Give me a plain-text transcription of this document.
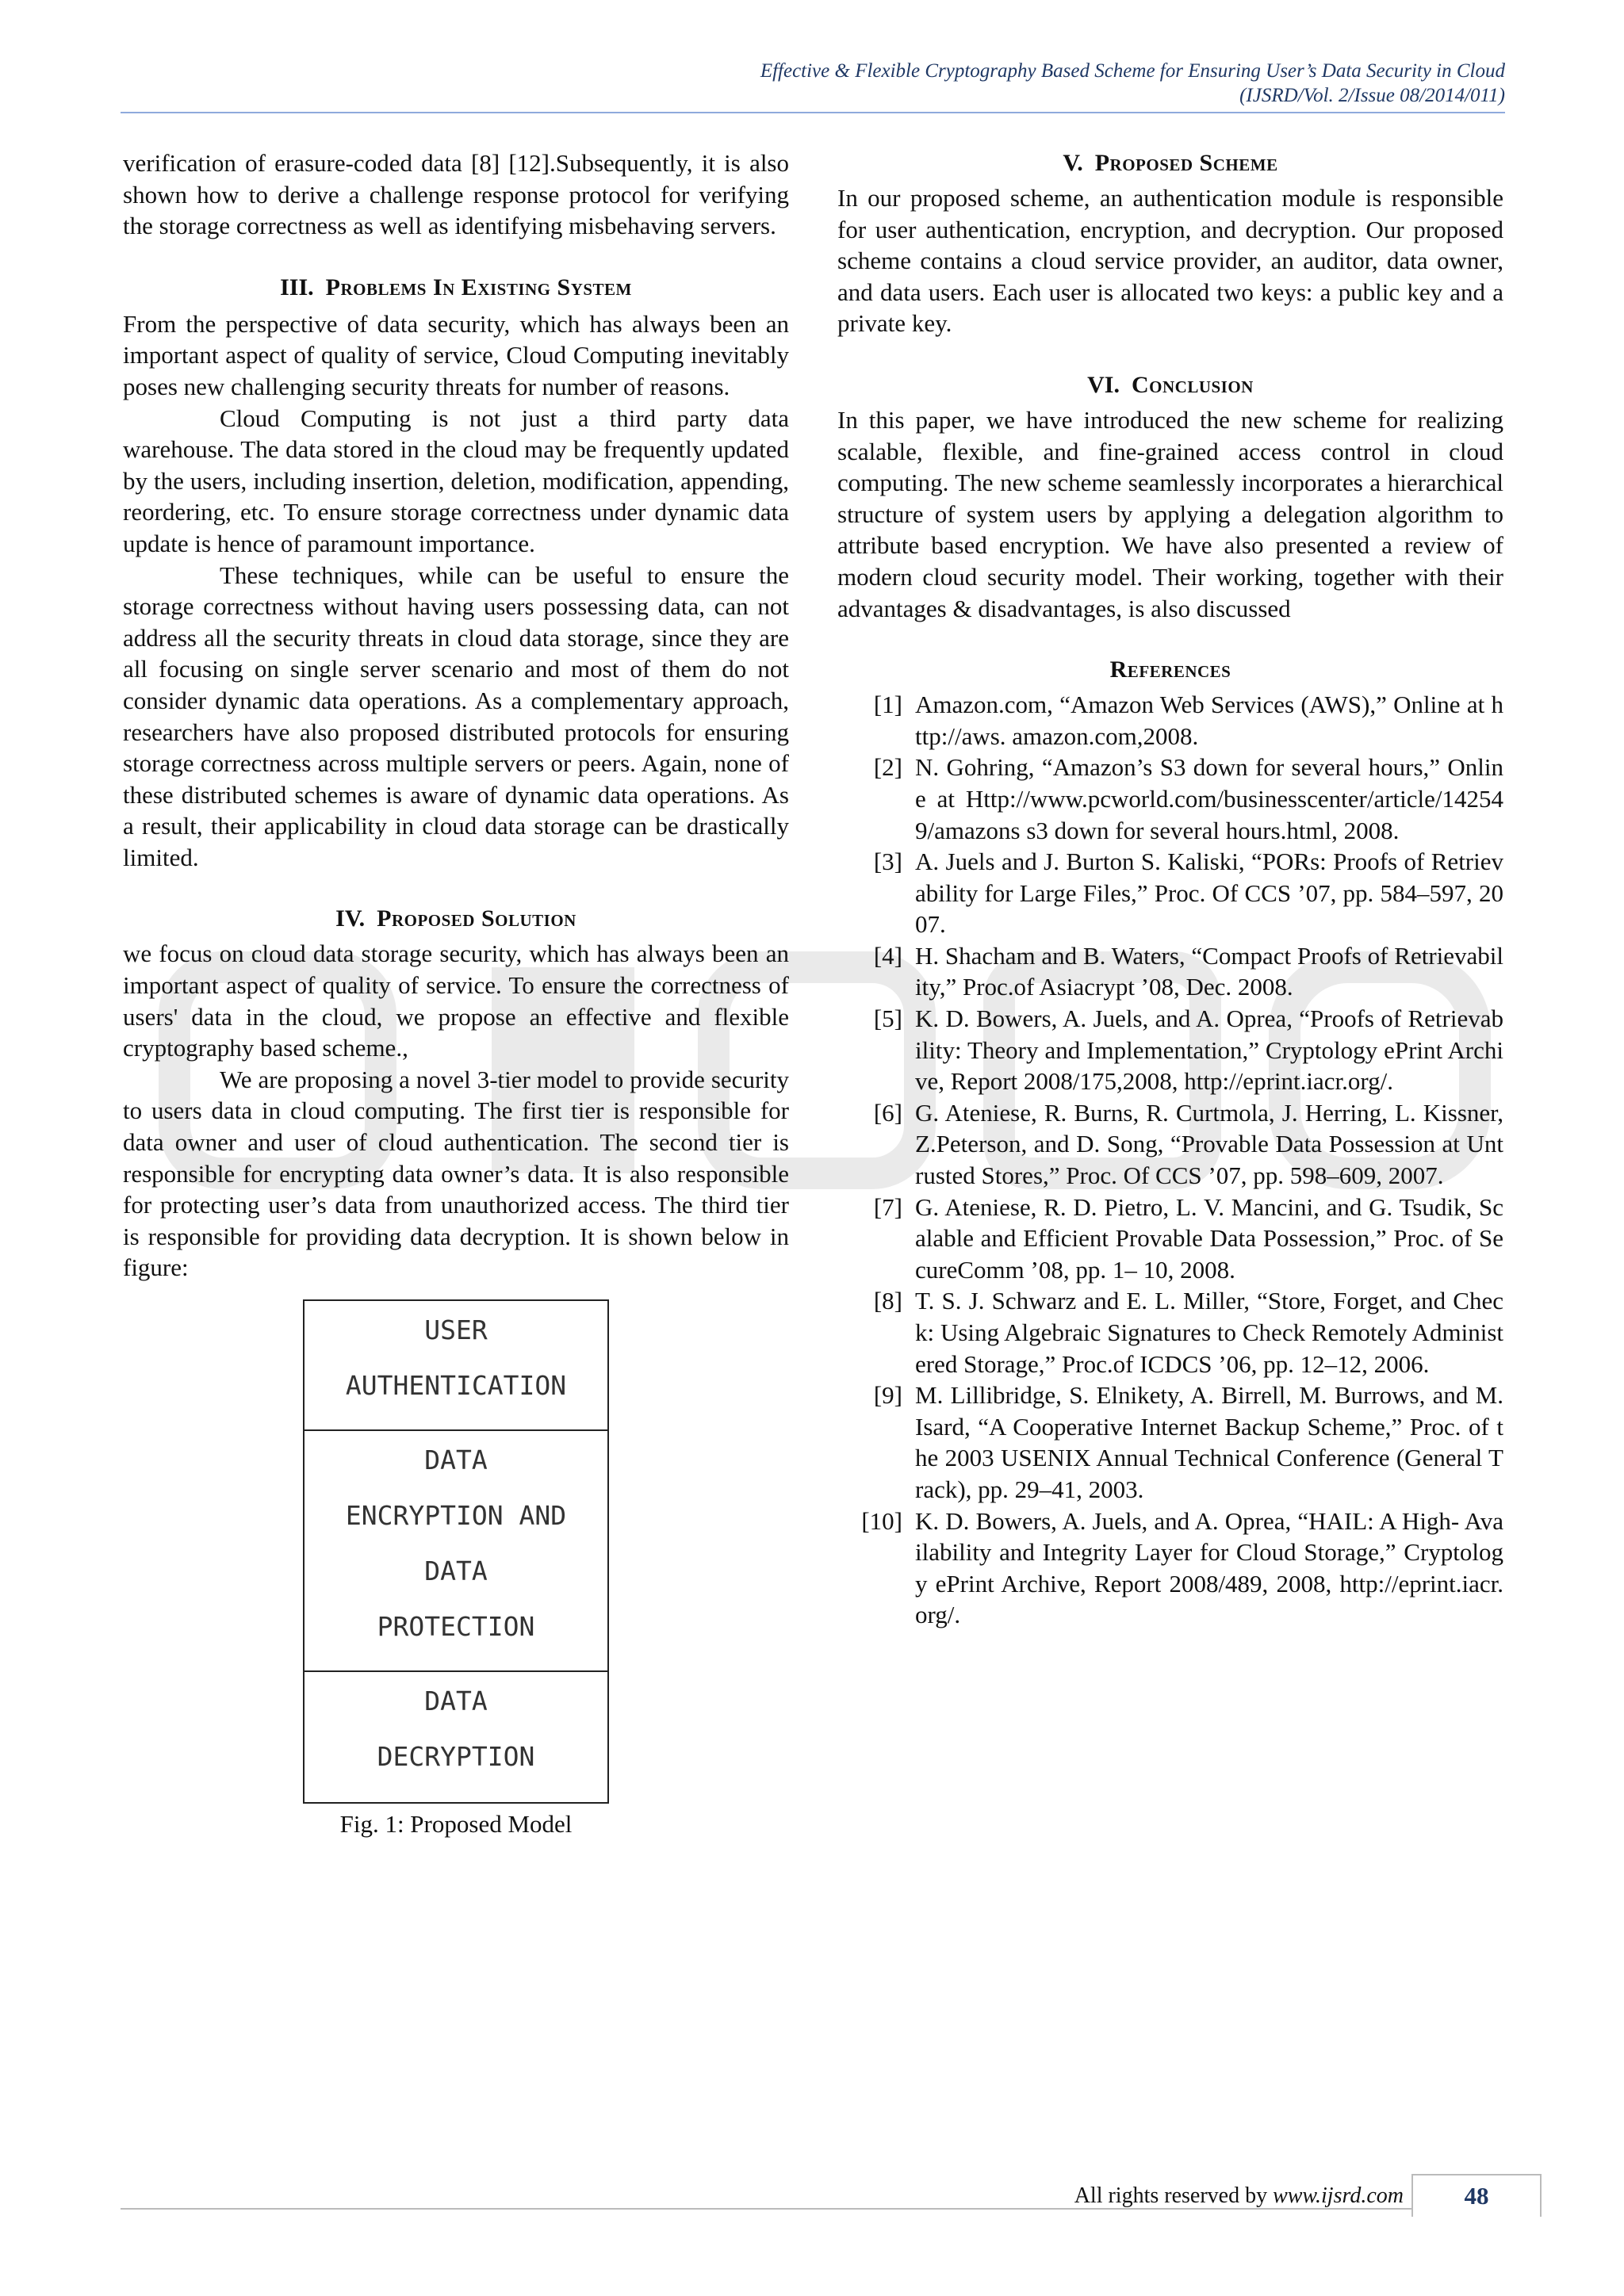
Effective & Flexible Cryptography Based Scheme for Ensuring User’s Data Security in Cloud
(IJSRD/Vol. 2/Issue 08/2014/011)

verification of erasure-coded data [8] [12].Subsequently, it is also shown how to derive a challenge response protocol for verifying the storage correctness as well as identifying misbehaving servers.

III. Problems In Existing System

From the perspective of data security, which has always been an important aspect of quality of service, Cloud Computing inevitably poses new challenging security threats for number of reasons.

Cloud Computing is not just a third party data warehouse. The data stored in the cloud may be frequently updated by the users, including insertion, deletion, modification, appending, reordering, etc. To ensure storage correctness under dynamic data update is hence of paramount importance.

These techniques, while can be useful to ensure the storage correctness without having users possessing data, can not address all the security threats in cloud data storage, since they are all focusing on single server scenario and most of them do not consider dynamic data operations. As a complementary approach, researchers have also proposed distributed protocols for ensuring storage correctness across multiple servers or peers. Again, none of these distributed schemes is aware of dynamic data operations. As a result, their applicability in cloud data storage can be drastically limited.

IV. Proposed Solution

we focus on cloud data storage security, which has always been an important aspect of quality of service. To ensure the correctness of users' data in the cloud, we propose an effective and flexible cryptography based scheme.,

We are proposing a novel 3-tier model to provide security to users data in cloud computing. The first tier is responsible for data owner and user of cloud authentication. The second tier is responsible for encrypting data owner’s data. It is also responsible for protecting user’s data from unauthorized access. The third tier is responsible for providing data decryption. It is shown below in figure:

USER
AUTHENTICATION
DATA
ENCRYPTION AND
DATA
PROTECTION
DATA
DECRYPTION
Fig. 1: Proposed Model
V. Proposed Scheme

In our proposed scheme, an authentication module is responsible for user authentication, encryption, and decryption. Our proposed scheme contains a cloud service provider, an auditor, data owner, and data users. Each user is allocated two keys: a public key and a private key.

VI. Conclusion

In this paper, we have introduced the new scheme for realizing scalable, flexible, and fine-grained access control in cloud computing. The new scheme seamlessly incorporates a hierarchical structure of system users by applying a delegation algorithm to attribute based encryption. We have also presented a review of modern cloud security model. Their working, together with their advantages & disadvantages, is also discussed

References
[1] Amazon.com, “Amazon Web Services (AWS),” Online at http://aws. amazon.com,2008.
[2] N. Gohring, “Amazon’s S3 down for several hours,” Online at Http://www.pcworld.com/businesscenter/article/142549/amazons s3 down for several hours.html, 2008.
[3] A. Juels and J. Burton S. Kaliski, “PORs: Proofs of Retrievability for Large Files,” Proc. Of CCS ’07, pp. 584–597, 2007.
[4] H. Shacham and B. Waters, “Compact Proofs of Retrievability,” Proc.of Asiacrypt ’08, Dec. 2008.
[5] K. D. Bowers, A. Juels, and A. Oprea, “Proofs of Retrievability: Theory and Implementation,” Cryptology ePrint Archive, Report 2008/175,2008, http://eprint.iacr.org/.
[6] G. Ateniese, R. Burns, R. Curtmola, J. Herring, L. Kissner, Z.Peterson, and D. Song, “Provable Data Possession at Untrusted Stores,” Proc. Of CCS ’07, pp. 598–609, 2007.
[7] G. Ateniese, R. D. Pietro, L. V. Mancini, and G. Tsudik, Scalable and Efficient Provable Data Possession,” Proc. of SecureComm ’08, pp. 1– 10, 2008.
[8] T. S. J. Schwarz and E. L. Miller, “Store, Forget, and Check: Using Algebraic Signatures to Check Remotely Administered Storage,” Proc.of ICDCS ’06, pp. 12–12, 2006.
[9] M. Lillibridge, S. Elnikety, A. Birrell, M. Burrows, and M. Isard, “A Cooperative Internet Backup Scheme,” Proc. of the 2003 USENIX Annual Technical Conference (General Track), pp. 29–41, 2003.
[10] K. D. Bowers, A. Juels, and A. Oprea, “HAIL: A High- Availability and Integrity Layer for Cloud Storage,” Cryptology ePrint Archive, Report 2008/489, 2008, http://eprint.iacr.org/.
All rights reserved by www.ijsrd.com	48
